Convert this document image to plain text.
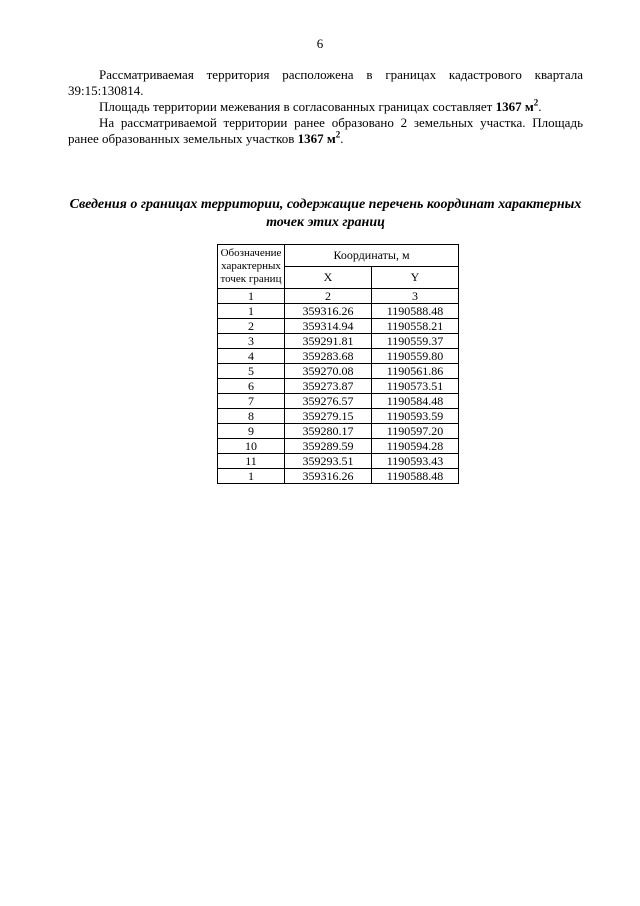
6

Рассматриваемая территория расположена в границах кадастрового квартала 39:15:130814.

Площадь территории межевания в согласованных границах составляет 1367 $м^2$.

На рассматриваемой территории ранее образовано 2 земельных участка. Площадь ранее образованных земельных участков 1367 $м^2$.

Сведения о границах территории, содержащие перечень координат характерных точек этих границ
Обозначение характерных точек границ	Координаты, м	
	X	Y
1	2	3
1	359316.26	1190588.48
2	359314.94	1190558.21
3	359291.81	1190559.37
4	359283.68	1190559.80
5	359270.08	1190561.86
6	359273.87	1190573.51
7	359276.57	1190584.48
8	359279.15	1190593.59
9	359280.17	1190597.20
10	359289.59	1190594.28
11	359293.51	1190593.43
1	359316.26	1190588.48
